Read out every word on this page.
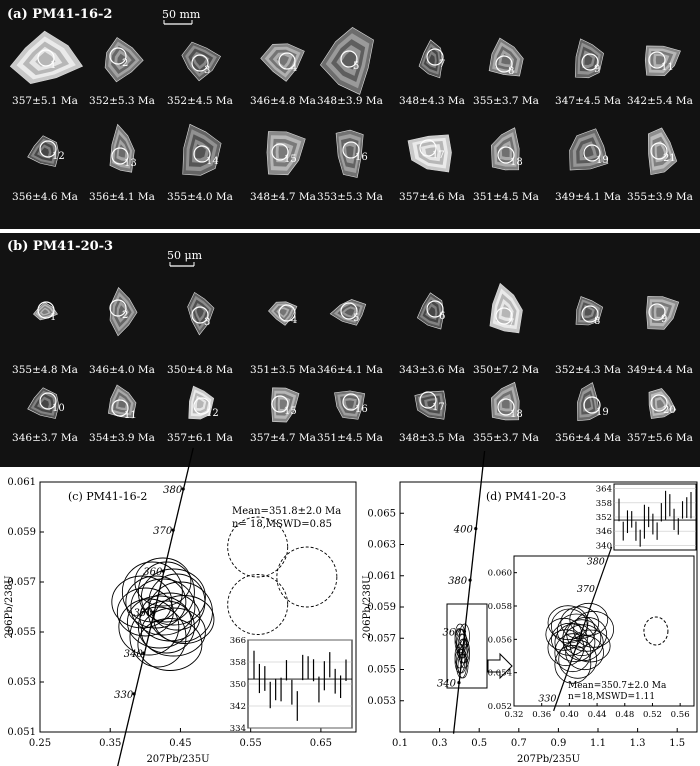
(a) PM41-16-2	50 mm
1
357±5.1 Ma
2
352±5.3 Ma
3
352±4.5 Ma
4
346±4.8 Ma
5
348±3.9 Ma
7
348±4.3 Ma
8
355±3.7 Ma
9
347±4.5 Ma
11
342±5.4 Ma
12
356±4.6 Ma
13
356±4.1 Ma
14
355±4.0 Ma
15
348±4.7 Ma
16
353±5.3 Ma
17
357±4.6 Ma
18
351±4.5 Ma
19
349±4.1 Ma
21
355±3.9 Ma
(b) PM41-20-3
50 μm
1
355±4.8 Ma
2
346±4.0 Ma
3
350±4.8 Ma
4
351±3.5 Ma
5
346±4.1 Ma
6
343±3.6 Ma
7
350±7.2 Ma
8
352±4.3 Ma
9
349±4.4 Ma
10
346±3.7 Ma
11
354±3.9 Ma
12
357±6.1 Ma
15
357±4.7 Ma
16
351±4.5 Ma
17
348±3.5 Ma
18
355±3.7 Ma
19
356±4.4 Ma
20
357±5.6 Ma
0.25	0.35	0.45	0.55	0.65
0.051
0.053
0.055
0.057
0.059
0.061
207Pb/235U
206Pb/238U
(c) PM41-16-2
Mean=351.8±2.0 Ma
n= 18,MSWD=0.85
330
340
350
360
370
380
334
342
350
358
366
0.1 0.3 0.5 0.7 0.9 1.1 1.3 1.5
0.053
0.055
0.057
0.059
0.061
0.063
0.065
207Pb/235U
206Pb/238U
(d) PM41-20-3
340
360
380
400
0.32 0.36 0.40 0.44 0.48 0.52 0.56
0.052
0.054
0.056
0.058
0.060
330
370
380
Mean=350.7±2.0 Ma
n=18,MSWD=1.11
340
346
352
358
364
